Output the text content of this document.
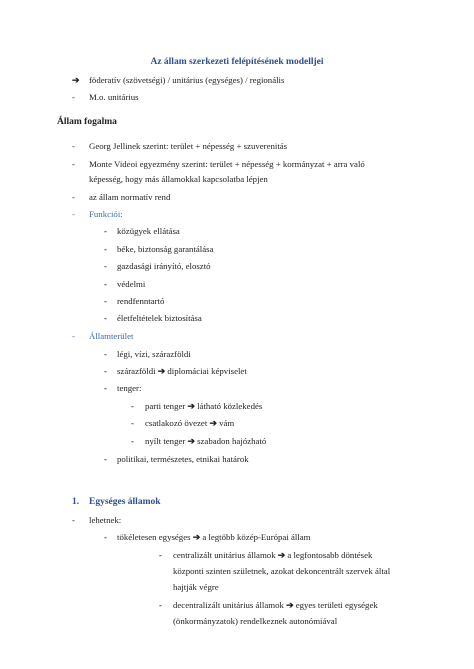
Az állam szerkezeti felépítésének modelljei
➔ föderatív (szövetségi) / unitárius (egységes) / regionális
- M.o. unitárius
Állam fogalma
- Georg Jellinek szerint: terület + népesség + szuverenitás
- Monte Videoi egyezmény szerint: terület + népesség + kormányzat + arra való
képesség, hogy más államokkal kapcsolatba lépjen
- az állam normatív rend
- Funkciói:
- közügyek ellátása
- béke, biztonság garantálása
- gazdasági irányító, elosztó
- védelmi
- rendfenntartó
- életfeltételek biztosítása
- Államterület
- légi, vízi, szárazföldi
- szárazföldi ➔ diplomáciai képviselet
- tenger:
- parti tenger ➔ látható közlekedés
- csatlakozó övezet ➔ vám
- nyílt tenger ➔ szabadon hajózható
- politikai, természetes, etnikai határok
1. Egységes államok
- lehetnek:
- tökéletesen egységes ➔ a legtöbb közép-Európai állam
- centralizált unitárius államok ➔ a legfontosabb döntések
központi szinten születnek, azokat dekoncentrált szervek által
hajtják végre
- decentralizált unitárius államok ➔ egyes területi egységek
(önkormányzatok) rendelkeznek autonómiával
